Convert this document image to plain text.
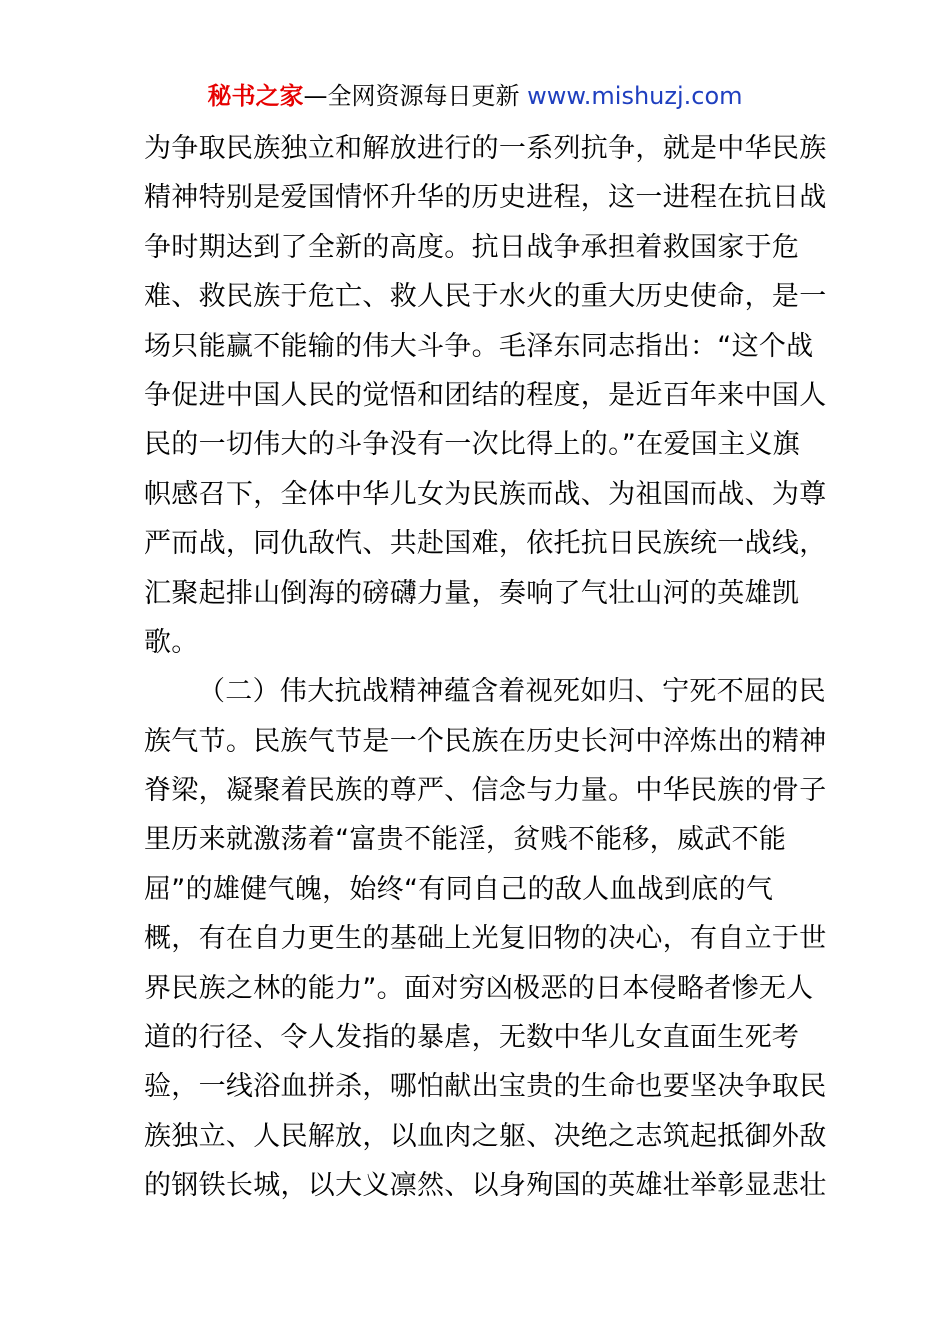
秘书之家—全网资源每日更新 www.mishuzj.com
为争取民族独立和解放进行的一系列抗争，就是中华民族
精神特别是爱国情怀升华的历史进程，这一进程在抗日战
争时期达到了全新的高度。抗日战争承担着救国家于危
难、救民族于危亡、救人民于水火的重大历史使命，是一
场只能赢不能输的伟大斗争。毛泽东同志指出：“这个战
争促进中国人民的觉悟和团结的程度，是近百年来中国人
民的一切伟大的斗争没有一次比得上的。”在爱国主义旗
帜感召下，全体中华儿女为民族而战、为祖国而战、为尊
严而战，同仇敌忾、共赴国难，依托抗日民族统一战线，
汇聚起排山倒海的磅礴力量，奏响了气壮山河的英雄凯
歌。
（二）伟大抗战精神蕴含着视死如归、宁死不屈的民
族气节。民族气节是一个民族在历史长河中淬炼出的精神
脊梁，凝聚着民族的尊严、信念与力量。中华民族的骨子
里历来就激荡着“富贵不能淫，贫贱不能移，威武不能
屈”的雄健气魄，始终“有同自己的敌人血战到底的气
概，有在自力更生的基础上光复旧物的决心，有自立于世
界民族之林的能力”。面对穷凶极恶的日本侵略者惨无人
道的行径、令人发指的暴虐，无数中华儿女直面生死考
验，一线浴血拼杀，哪怕献出宝贵的生命也要坚决争取民
族独立、人民解放，以血肉之躯、决绝之志筑起抵御外敌
的钢铁长城，以大义凛然、以身殉国的英雄壮举彰显悲壮
